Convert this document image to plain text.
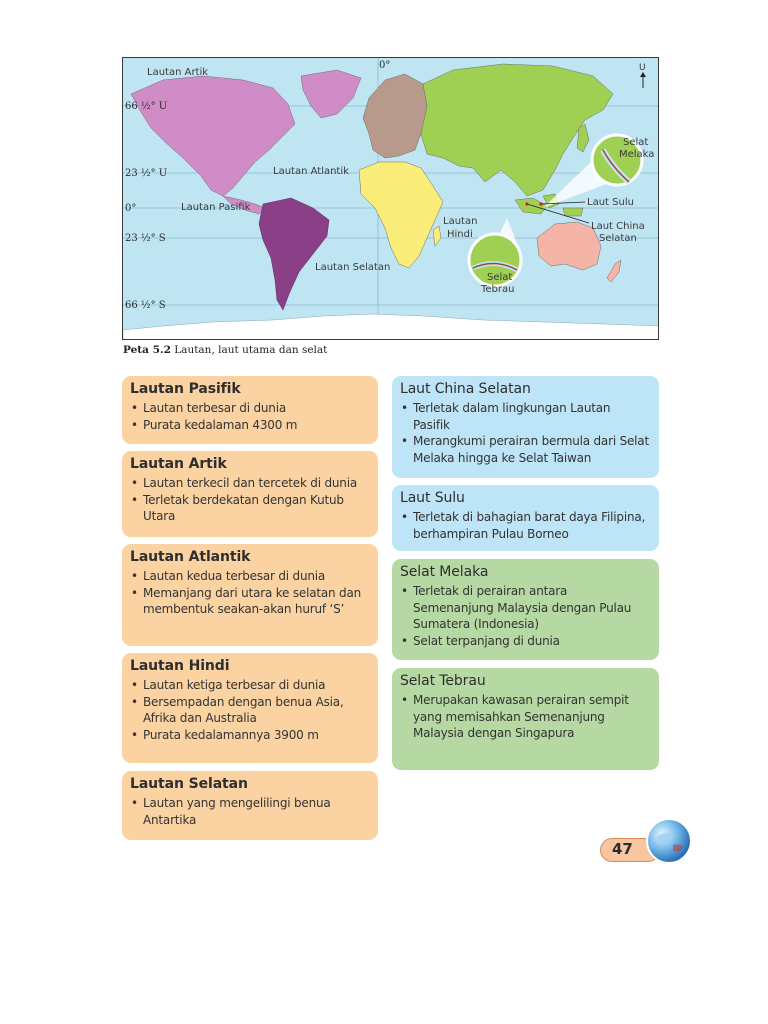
U
Lautan Artik
Lautan Atlantik
Lautan Pasifik
Lautan
Hindi
Lautan Selatan
Selat
Melaka
Laut Sulu
Laut China
Selatan
Selat
Tebrau
66 ½° U
23 ½° U
0°
23 ½° S
66 ½° S
0°
Peta 5.2 Lautan, laut utama dan selat
Lautan Pasifik
• Lautan terbesar di dunia
• Purata kedalaman 4300 m
Lautan Artik
• Lautan terkecil dan tercetek di dunia
• Terletak berdekatan dengan Kutub Utara
Lautan Atlantik
• Lautan kedua terbesar di dunia
• Memanjang dari utara ke selatan dan membentuk seakan-akan huruf ‘S’
Lautan Hindi
• Lautan ketiga terbesar di dunia
• Bersempadan dengan benua Asia, Afrika dan Australia
• Purata kedalamannya 3900 m
Lautan Selatan
• Lautan yang mengelilingi benua Antartika
Laut China Selatan
• Terletak dalam lingkungan Lautan Pasifik
• Merangkumi perairan bermula dari Selat Melaka hingga ke Selat Taiwan
Laut Sulu
• Terletak di bahagian barat daya Filipina, berhampiran Pulau Borneo
Selat Melaka
• Terletak di perairan antara Semenanjung Malaysia dengan Pulau Sumatera (Indonesia)
• Selat terpanjang di dunia
Selat Tebrau
• Merupakan kawasan perairan sempit yang memisahkan Semenanjung Malaysia dengan Singapura
47
